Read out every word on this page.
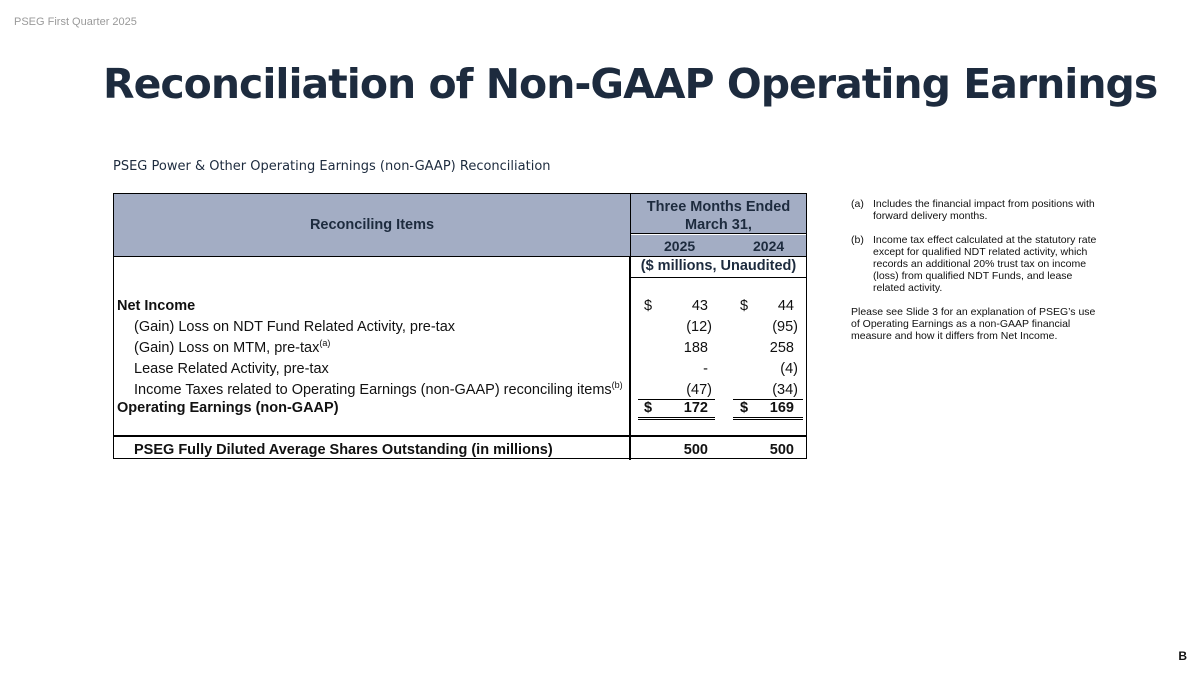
PSEG First Quarter 2025
Reconciliation of Non-GAAP Operating Earnings
PSEG Power & Other Operating Earnings (non-GAAP) Reconciliation
Reconciling Items
Three Months Ended
March 31,
2025	2024
($ millions, Unaudited)
Net Income	$	43 $ 44
(Gain) Loss on NDT Fund Related Activity, pre-tax	(12)	(95)
(Gain) Loss on MTM, pre-tax$^{(a)}$	188	258
Lease Related Activity, pre-tax	-	(4)
Income Taxes related to Operating Earnings (non-GAAP) reconciling items$^{(b)}$	(47)	(34)
Operating Earnings (non-GAAP)	$ 172 $ 169
PSEG Fully Diluted Average Shares Outstanding (in millions)	500	500
(a) Includes the financial impact from positions with forward delivery months.
(b) Income tax effect calculated at the statutory rate except for qualified NDT related activity, which records an additional 20% trust tax on income (loss) from qualified NDT Funds, and lease related activity.
Please see Slide 3 for an explanation of PSEG’s use of Operating Earnings as a non-GAAP financial measure and how it differs from Net Income.
B
